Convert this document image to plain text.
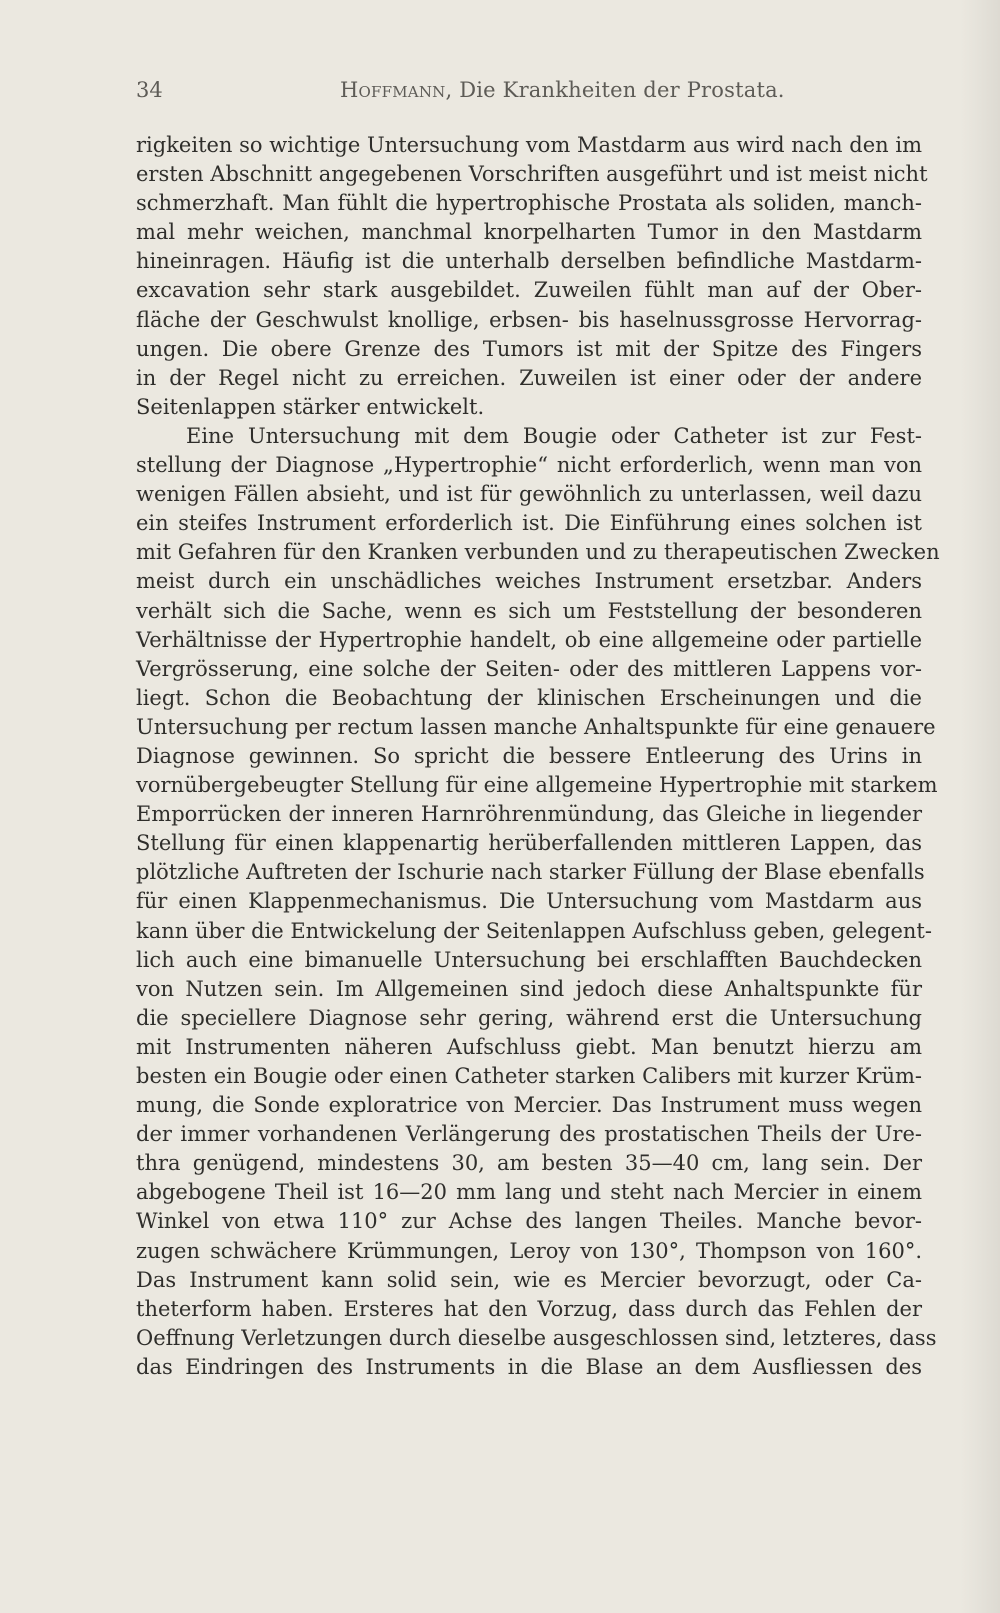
34	Hoffmann, Die Krankheiten der Prostata.
rigkeiten so wichtige Untersuchung vom Mastdarm aus wird nach den im
ersten Abschnitt angegebenen Vorschriften ausgeführt und ist meist nicht
schmerzhaft. Man fühlt die hypertrophische Prostata als soliden, manch-
mal mehr weichen, manchmal knorpelharten Tumor in den Mastdarm
hineinragen. Häufig ist die unterhalb derselben befindliche Mastdarm-
excavation sehr stark ausgebildet. Zuweilen fühlt man auf der Ober-
fläche der Geschwulst knollige, erbsen- bis haselnussgrosse Hervorrag-
ungen. Die obere Grenze des Tumors ist mit der Spitze des Fingers
in der Regel nicht zu erreichen. Zuweilen ist einer oder der andere
Seitenlappen stärker entwickelt.
Eine Untersuchung mit dem Bougie oder Catheter ist zur Fest-
stellung der Diagnose „Hypertrophie“ nicht erforderlich, wenn man von
wenigen Fällen absieht, und ist für gewöhnlich zu unterlassen, weil dazu
ein steifes Instrument erforderlich ist. Die Einführung eines solchen ist
mit Gefahren für den Kranken verbunden und zu therapeutischen Zwecken
meist durch ein unschädliches weiches Instrument ersetzbar. Anders
verhält sich die Sache, wenn es sich um Feststellung der besonderen
Verhältnisse der Hypertrophie handelt, ob eine allgemeine oder partielle
Vergrösserung, eine solche der Seiten- oder des mittleren Lappens vor-
liegt. Schon die Beobachtung der klinischen Erscheinungen und die
Untersuchung per rectum lassen manche Anhaltspunkte für eine genauere
Diagnose gewinnen. So spricht die bessere Entleerung des Urins in
vornübergebeugter Stellung für eine allgemeine Hypertrophie mit starkem
Emporrücken der inneren Harnröhrenmündung, das Gleiche in liegender
Stellung für einen klappenartig herüberfallenden mittleren Lappen, das
plötzliche Auftreten der Ischurie nach starker Füllung der Blase ebenfalls
für einen Klappenmechanismus. Die Untersuchung vom Mastdarm aus
kann über die Entwickelung der Seitenlappen Aufschluss geben, gelegent-
lich auch eine bimanuelle Untersuchung bei erschlafften Bauchdecken
von Nutzen sein. Im Allgemeinen sind jedoch diese Anhaltspunkte für
die speciellere Diagnose sehr gering, während erst die Untersuchung
mit Instrumenten näheren Aufschluss giebt. Man benutzt hierzu am
besten ein Bougie oder einen Catheter starken Calibers mit kurzer Krüm-
mung, die Sonde exploratrice von Mercier. Das Instrument muss wegen
der immer vorhandenen Verlängerung des prostatischen Theils der Ure-
thra genügend, mindestens 30, am besten 35—40 cm, lang sein. Der
abgebogene Theil ist 16—20 mm lang und steht nach Mercier in einem
Winkel von etwa 110° zur Achse des langen Theiles. Manche bevor-
zugen schwächere Krümmungen, Leroy von 130°, Thompson von 160°.
Das Instrument kann solid sein, wie es Mercier bevorzugt, oder Ca-
theterform haben. Ersteres hat den Vorzug, dass durch das Fehlen der
Oeffnung Verletzungen durch dieselbe ausgeschlossen sind, letzteres, dass
das Eindringen des Instruments in die Blase an dem Ausfliessen des
